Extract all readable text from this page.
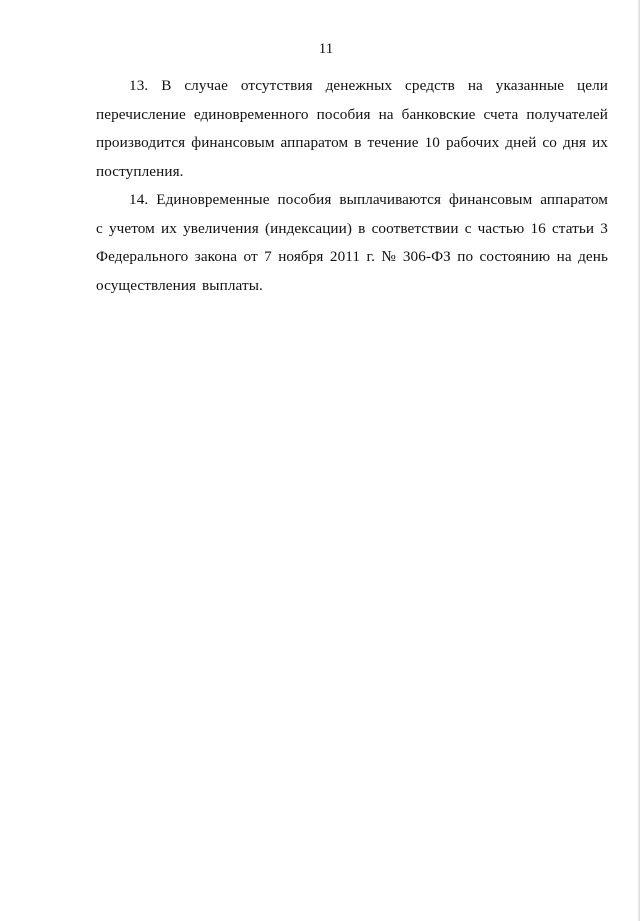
11

13. В случае отсутствия денежных средств на указанные цели перечисление единовременного пособия на банковские счета получателей производится финансовым аппаратом в течение 10 рабочих дней со дня их поступления.

14. Единовременные пособия выплачиваются финансовым аппаратом с учетом их увеличения (индексации) в соответствии с частью 16 статьи 3 Федерального закона от 7 ноября 2011 г. № 306-ФЗ по состоянию на день осуществления выплаты.
